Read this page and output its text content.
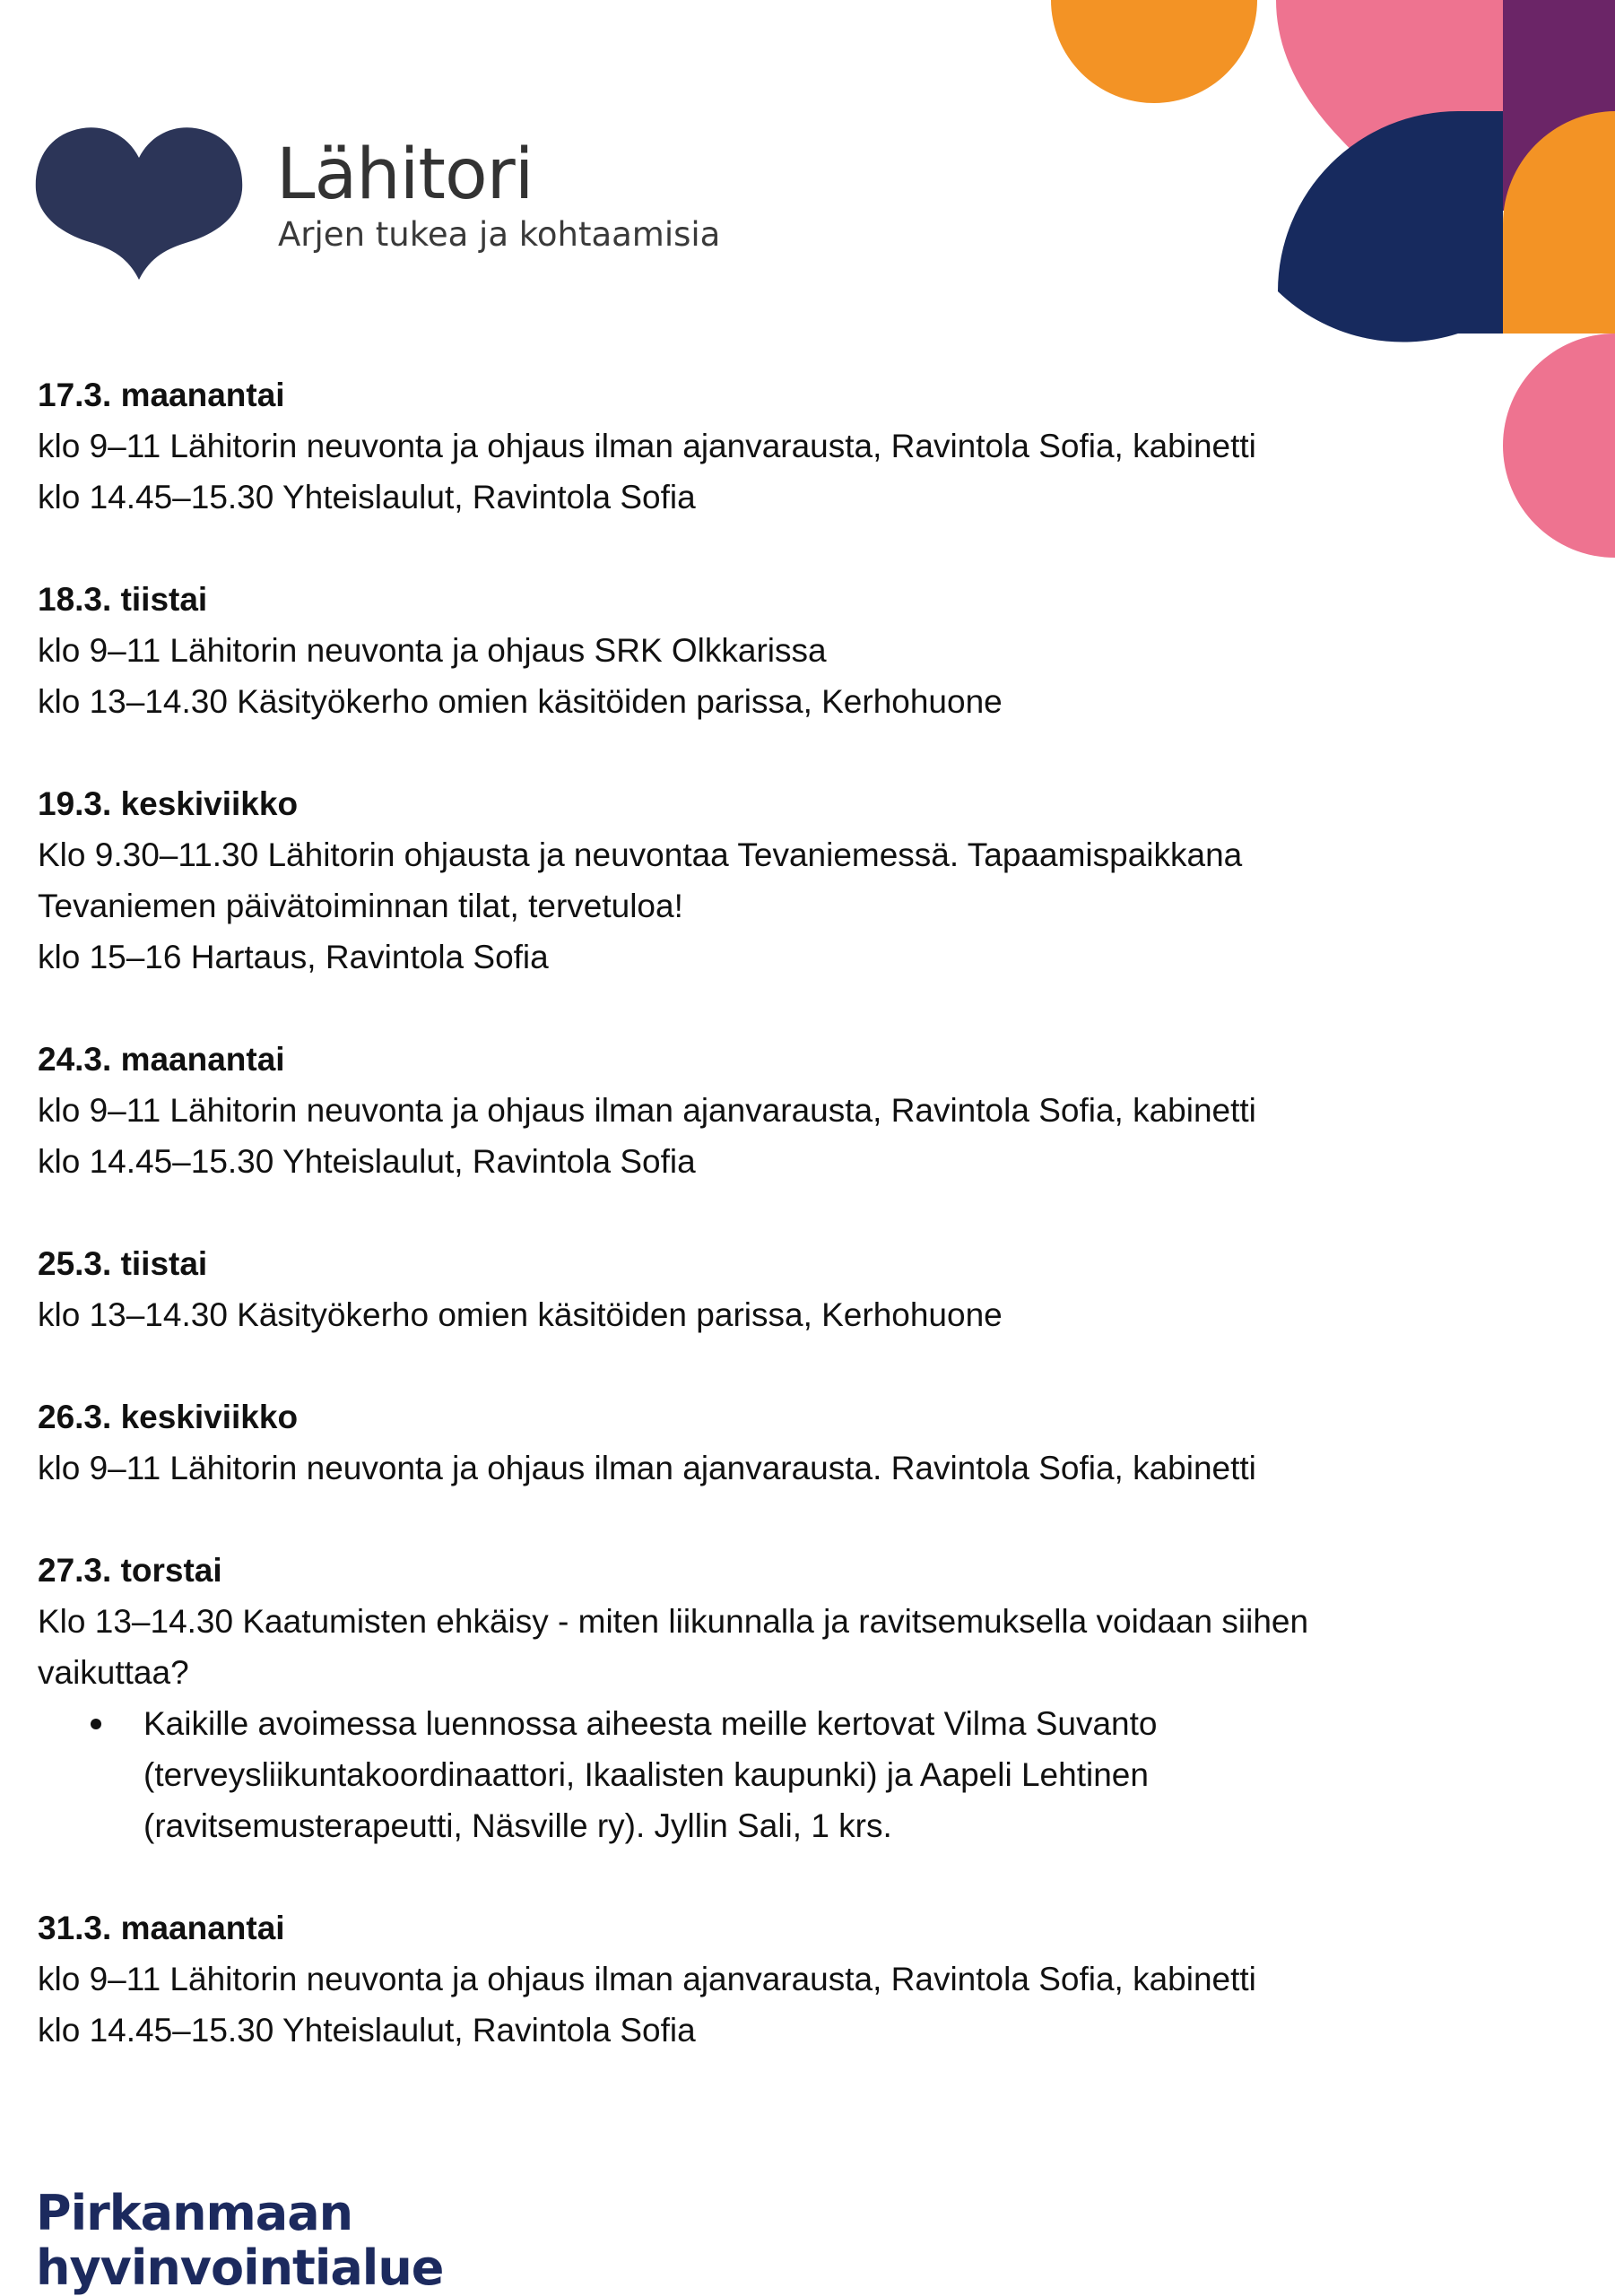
Lähitori
Arjen tukea ja kohtaamisia

17.3. maanantai

klo 9–11 Lähitorin neuvonta ja ohjaus ilman ajanvarausta, Ravintola Sofia, kabinetti

klo 14.45–15.30 Yhteislaulut, Ravintola Sofia

18.3. tiistai

klo 9–11 Lähitorin neuvonta ja ohjaus SRK Olkkarissa

klo 13–14.30 Käsityökerho omien käsitöiden parissa, Kerhohuone

19.3. keskiviikko

Klo 9.30–11.30 Lähitorin ohjausta ja neuvontaa Tevaniemessä. Tapaamispaikkana

Tevaniemen päivätoiminnan tilat, tervetuloa!

klo 15–16 Hartaus, Ravintola Sofia

24.3. maanantai

klo 9–11 Lähitorin neuvonta ja ohjaus ilman ajanvarausta, Ravintola Sofia, kabinetti

klo 14.45–15.30 Yhteislaulut, Ravintola Sofia

25.3. tiistai

klo 13–14.30 Käsityökerho omien käsitöiden parissa, Kerhohuone

26.3. keskiviikko

klo 9–11 Lähitorin neuvonta ja ohjaus ilman ajanvarausta. Ravintola Sofia, kabinetti

27.3. torstai

Klo 13–14.30 Kaatumisten ehkäisy - miten liikunnalla ja ravitsemuksella voidaan siihen

vaikuttaa?

Kaikille avoimessa luennossa aiheesta meille kertovat Vilma Suvanto
(terveysliikuntakoordinaattori, Ikaalisten kaupunki) ja Aapeli Lehtinen
(ravitsemusterapeutti, Näsville ry). Jyllin Sali, 1 krs.

31.3. maanantai

klo 9–11 Lähitorin neuvonta ja ohjaus ilman ajanvarausta, Ravintola Sofia, kabinetti

klo 14.45–15.30 Yhteislaulut, Ravintola Sofia

Pirkanmaan
hyvinvointialue
